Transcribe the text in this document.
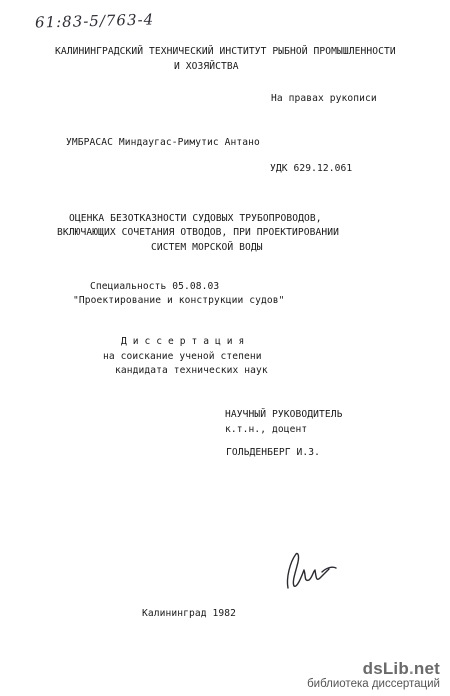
61:83-5/763-4
КАЛИНИНГРАДСКИЙ ТЕХНИЧЕСКИЙ ИНСТИТУТ РЫБНОЙ ПРОМЫШЛЕННОСТИ
И ХОЗЯЙСТВА
На правах рукописи
УМБРАСАС Миндаугас-Римутис Антано
УДК 629.12.061
ОЦЕНКА БЕЗОТКАЗНОСТИ СУДОВЫХ ТРУБОПРОВОДОВ,
ВКЛЮЧАЮЩИХ СОЧЕТАНИЯ ОТВОДОВ, ПРИ ПРОЕКТИРОВАНИИ
СИСТЕМ МОРСКОЙ ВОДЫ
Специальность 05.08.03
"Проектирование и конструкции судов"
Д и с с е р т а ц и я
на соискание ученой степени
кандидата технических наук
НАУЧНЫЙ РУКОВОДИТЕЛЬ
к.т.н., доцент
ГОЛЬДЕНБЕРГ И.З.
Калининград 1982
dsLib.net
библиотека диссертаций
